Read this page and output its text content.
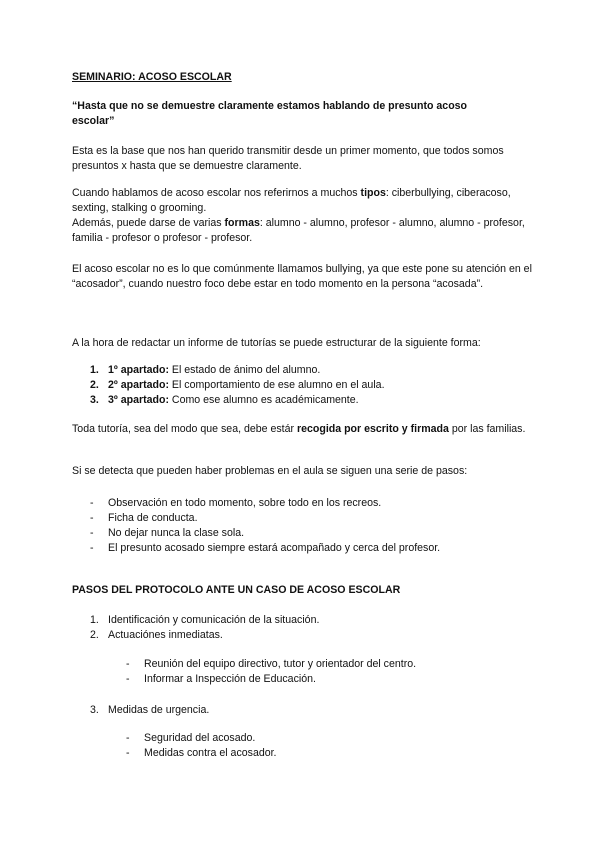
SEMINARIO: ACOSO ESCOLAR
“Hasta que no se demuestre claramente estamos hablando de presunto acoso escolar”

Esta es la base que nos han querido transmitir desde un primer momento, que todos somos presuntos x hasta que se demuestre claramente.

Cuando hablamos de acoso escolar nos referirnos a muchos tipos: ciberbullying, ciberacoso, sexting, stalking o grooming.
Además, puede darse de varias formas: alumno - alumno, profesor - alumno, alumno - profesor, familia - profesor o profesor - profesor.

El acoso escolar no es lo que comúnmente llamamos bullying, ya que este pone su atención en el “acosador”, cuando nuestro foco debe estar en todo momento en la persona “acosada”.

A la hora de redactar un informe de tutorías se puede estructurar de la siguiente forma:

1. 1º apartado: El estado de ánimo del alumno.
2. 2º apartado: El comportamiento de ese alumno en el aula.
3. 3º apartado: Como ese alumno es académicamente.

Toda tutoría, sea del modo que sea, debe estár recogida por escrito y firmada por las familias.

Si se detecta que pueden haber problemas en el aula se siguen una serie de pasos:

- Observación en todo momento, sobre todo en los recreos.
- Ficha de conducta.
- No dejar nunca la clase sola.
- El presunto acosado siempre estará acompañado y cerca del profesor.
PASOS DEL PROTOCOLO ANTE UN CASO DE ACOSO ESCOLAR
1. Identificación y comunicación de la situación.
2. Actuaciónes inmediatas.
- Reunión del equipo directivo, tutor y orientador del centro.
- Informar a Inspección de Educación.
3. Medidas de urgencia.
- Seguridad del acosado.
- Medidas contra el acosador.
